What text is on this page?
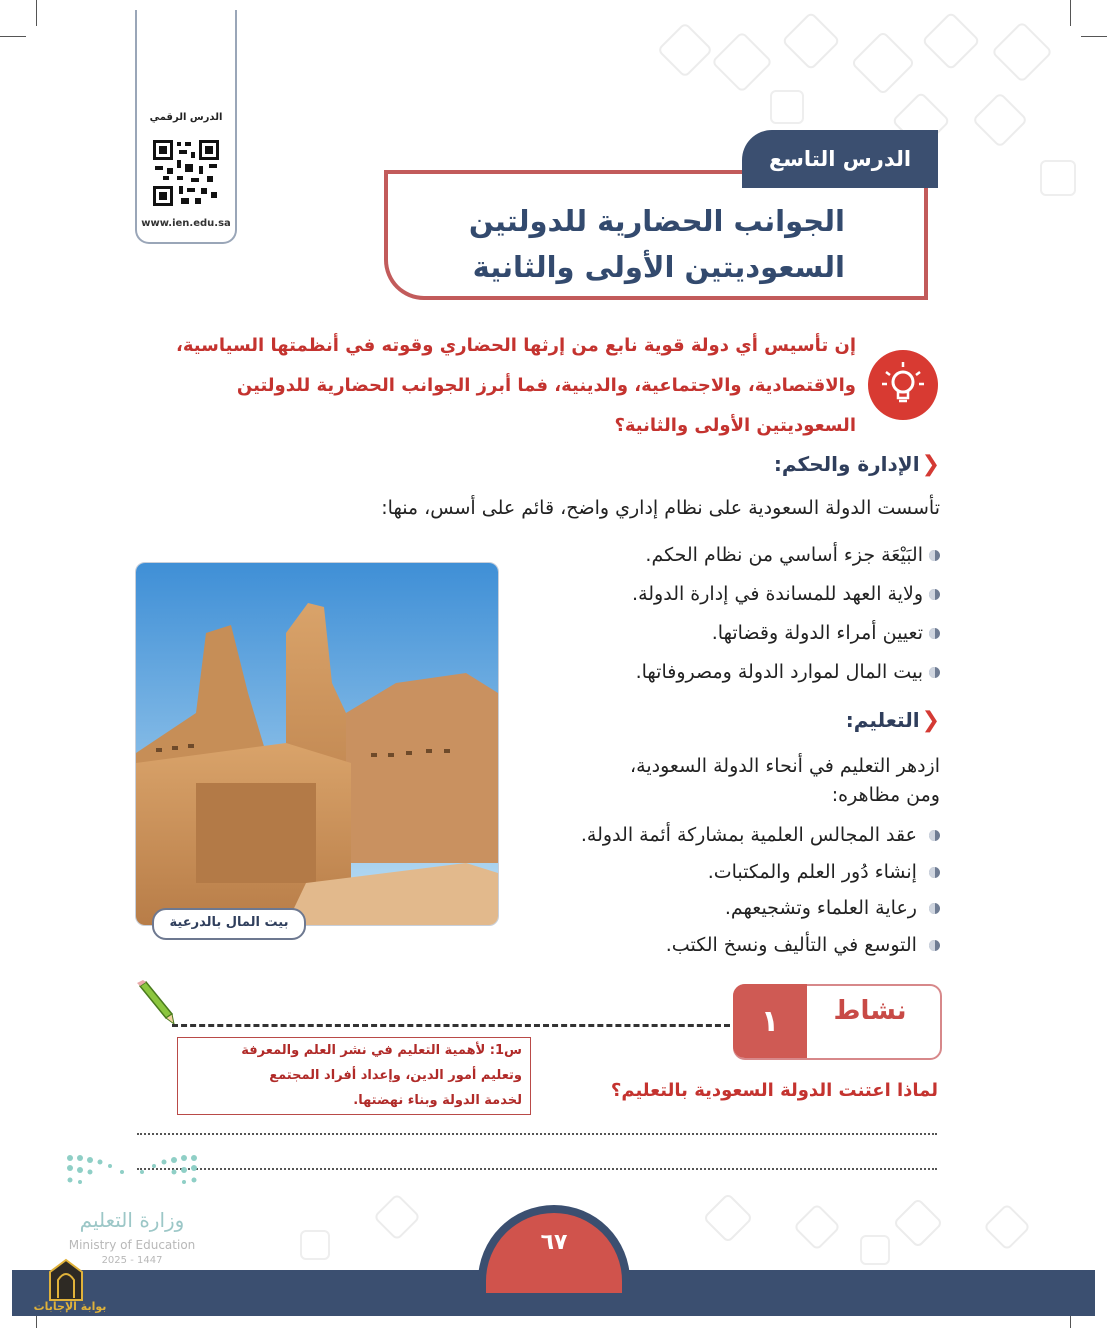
الدرس الرقمي
www.ien.edu.sa
الدرس التاسع
الجوانب الحضارية للدولتين
السعوديتين الأولى والثانية
إن تأسيس أي دولة قوية نابع من إرثها الحضاري وقوته في أنظمتها السياسية،
والاقتصادية، والاجتماعية، والدينية، فما أبرز الجوانب الحضارية للدولتين
السعوديتين الأولى والثانية؟
❮الإدارة والحكم:
تأسست الدولة السعودية على نظام إداري واضح، قائم على أسس، منها:
البَيْعَة جزء أساسي من نظام الحكم.
ولاية العهد للمساندة في إدارة الدولة.
تعيين أمراء الدولة وقضاتها.
بيت المال لموارد الدولة ومصروفاتها.
بيت المال بالدرعية
❮التعليم:
ازدهر التعليم في أنحاء الدولة السعودية،
ومن مظاهره:
عقد المجالس العلمية بمشاركة أئمة الدولة.
إنشاء دُور العلم والمكتبات.
رعاية العلماء وتشجيعهم.
التوسع في التأليف ونسخ الكتب.
١	نشاط
س1: لأهمية التعليم في نشر العلم والمعرفة
وتعليم أمور الدين، وإعداد أفراد المجتمع
لخدمة الدولة وبناء نهضتها.	لماذا اعتنت الدولة السعودية بالتعليم؟
وزارة التعليم
Ministry of Education
2025 - 1447
٦٧
بوابة الإجابات
